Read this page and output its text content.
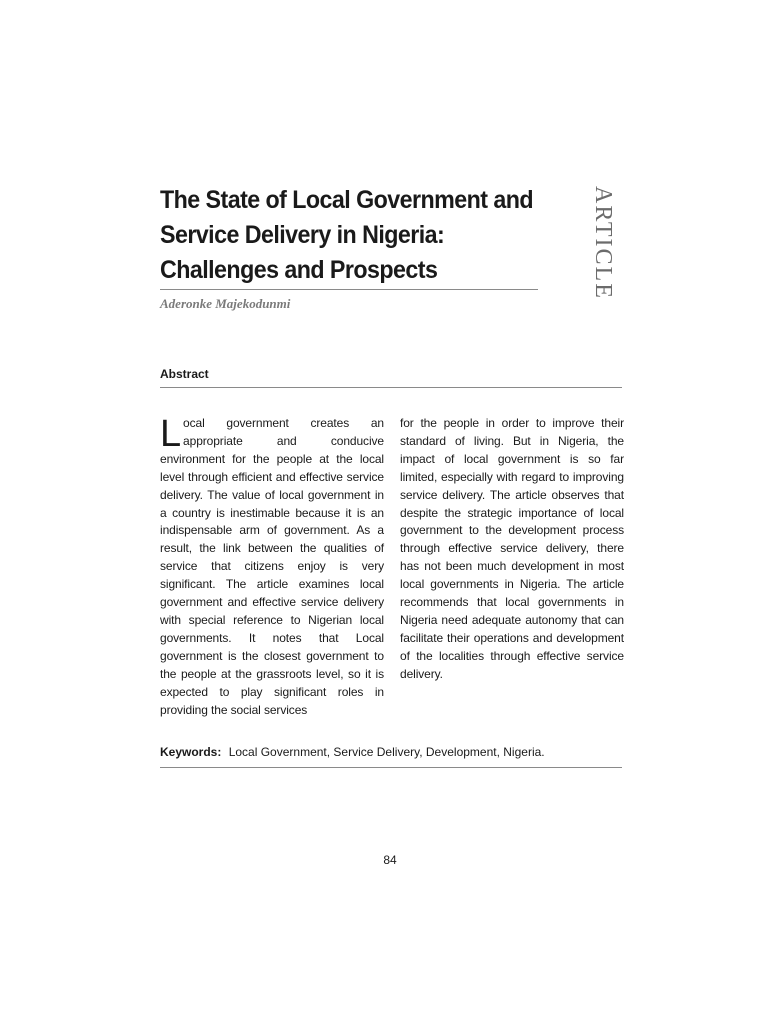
The State of Local Government and
Service Delivery in Nigeria:
Challenges and Prospects	ARTICLE
Aderonke Majekodunmi
Abstract
L ocal government creates an appropriate and conducive environment for the people at the local level through efficient and effective service delivery. The value of local government in a country is inestimable because it is an indispensable arm of government. As a result, the link between the qualities of service that citizens enjoy is very significant. The article examines local government and effective service delivery with special reference to Nigerian local governments. It notes that Local government is the closest government to the people at the grassroots level, so it is expected to play significant roles in providing the social services
for the people in order to improve their standard of living. But in Nigeria, the impact of local government is so far limited, especially with regard to improving service delivery. The article observes that despite the strategic importance of local government to the development process through effective service delivery, there has not been much development in most local governments in Nigeria. The article recommends that local governments in Nigeria need adequate autonomy that can facilitate their operations and development of the localities through effective service delivery.
Keywords: Local Government, Service Delivery, Development, Nigeria.
84
